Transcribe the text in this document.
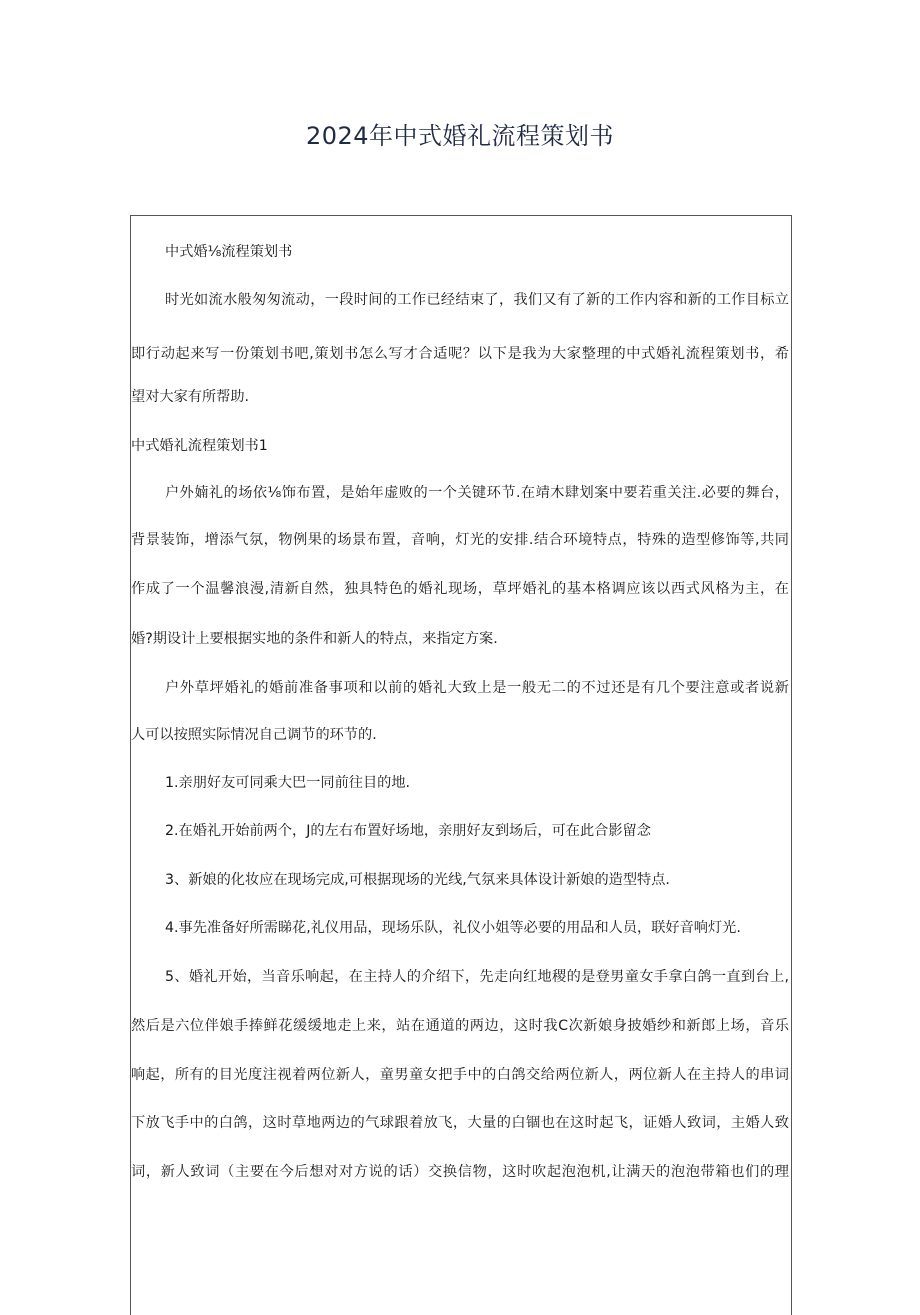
2024年中式婚礼流程策划书
中式婚⅛流程策划书
时光如流水般匆匆流动，一段时间的工作已经结束了，我们又有了新的工作内容和新的工作目标立
即行动起来写一份策划书吧,策划书怎么写才合适呢？以下是我为大家整理的中式婚礼流程策划书，希
望对大家有所帮助.
中式婚礼流程策划书1
户外婻礼的场依⅛饰布置，是始年虚败的一个关键环节.在靖木肆划案中要若重关注.必要的舞台，
背景装饰，增添气氛，物例果的场景布置，音响，灯光的安排.结合环境特点，特殊的造型修饰等,共同
作成了一个温馨浪漫,清新自然，独具特色的婚礼现场，草坪婚礼的基本格调应该以西式风格为主，在
婚?期设计上要根据实地的条件和新人的特点，来指定方案.
户外草坪婚礼的婚前准备事项和以前的婚礼大致上是一般无二的不过还是有几个要注意或者说新
人可以按照实际情况自己调节的环节的.
1.亲朋好友可同乘大巴一同前往目的地.
2.在婚礼开始前两个，J的左右布置好场地，亲朋好友到场后，可在此合影留念
3、新娘的化妆应在现场完成,可根据现场的光线,气氛来具体设计新娘的造型特点.
4.事先准备好所需睇花,礼仪用品，现场乐队，礼仪小姐等必要的用品和人员，联好音响灯光.
5、婚礼开始，当音乐响起，在主持人的介绍下，先走向红地稷的是登男童女手拿白鸽一直到台上,
然后是六位伴娘手捧鲜花缓缓地走上来，站在通道的两边，这时我C次新娘身披婚纱和新郎上场，音乐
响起，所有的目光度注视着两位新人，童男童女把手中的白鸽交给两位新人，两位新人在主持人的串词
下放飞手中的白鸽，这时草地两边的气球跟着放飞，大量的白锢也在这时起飞，证婚人致词，主婚人致
词，新人致词（主要在今后想对对方说的话）交换信物，这时吹起泡泡机,让满天的泡泡带箱也们的理
